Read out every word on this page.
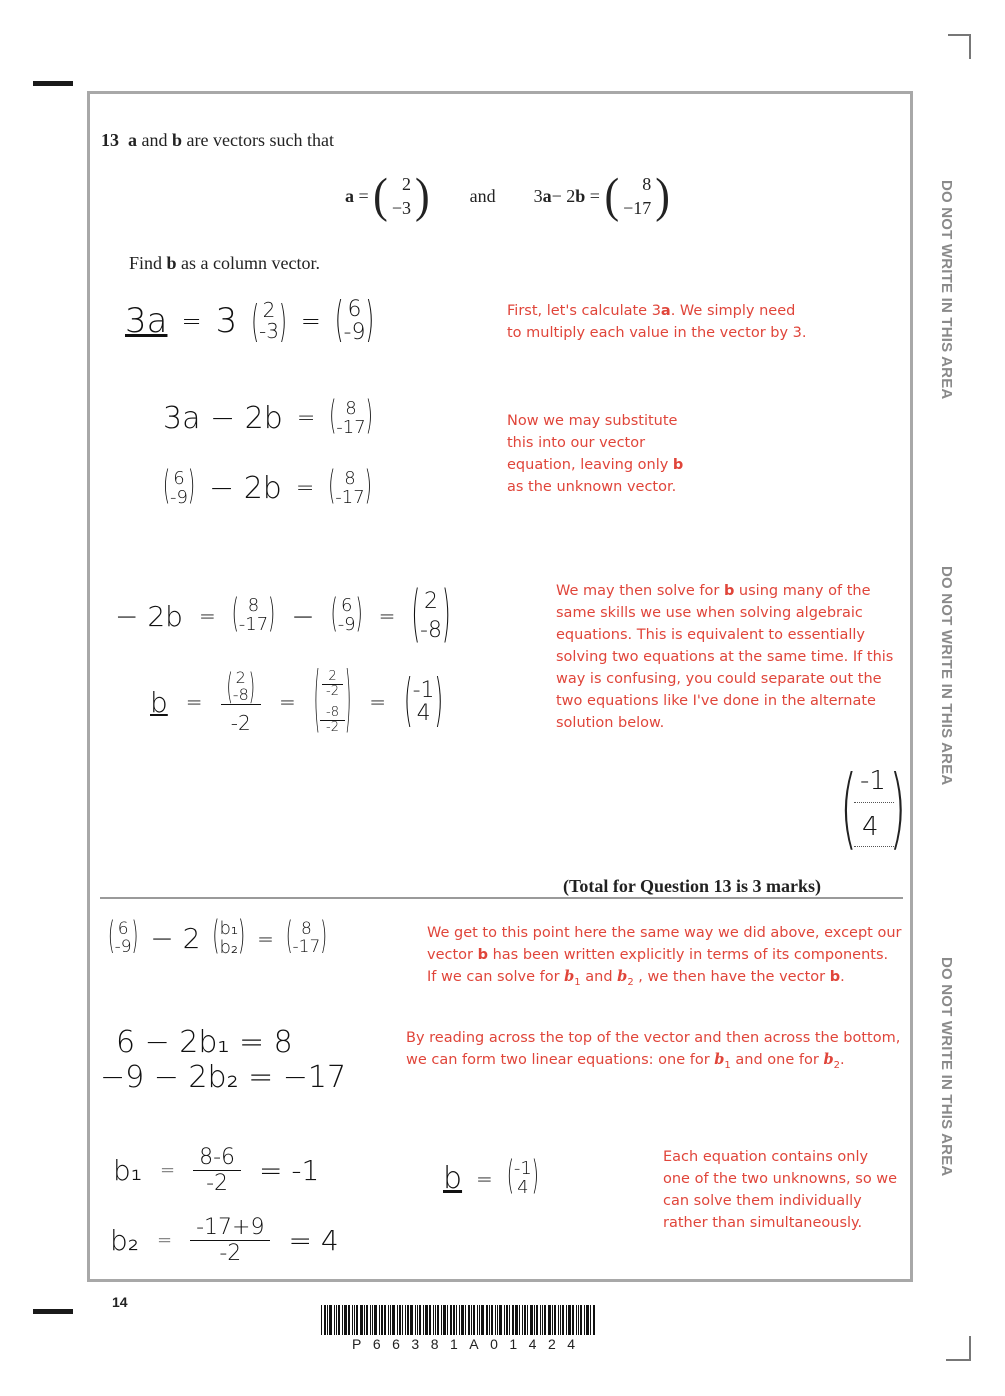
DO NOT WRITE IN THIS AREA
DO NOT WRITE IN THIS AREA
DO NOT WRITE IN THIS AREA
13 a and b are vectors such that
a
=
( 2
−3 ) and 3 a − 2 b
=
( 8
−17 )
Find b as a column vector.
3a = 3 ( 2
-3 ) = ( 6
-9 )
3a − 2b = ( 8
-17 )
( 6
-9 ) − 2b = ( 8
-17 )
− 2b = ( 8
-17 ) − ( 6
-9 ) = ( 2
-8 )
b = ( 2
-8 )
-2 = ( $\frac{2}{-2}$
$\frac{-8}{-2}$ ) = ( -1
4 )
First, let's calculate 3a. We simply need to multiply each value in the vector by 3.
Now we may substitute this into our vector equation, leaving only b as the unknown vector.
We may then solve for b using many of the same skills we use when solving algebraic equations. This is equivalent to essentially solving two equations at the same time. If this way is confusing, you could separate out the two equations like I've done in the alternate solution below.
( )
-1
4
(Total for Question 13 is 3 marks)
( 6
-9 ) − 2 ( b₁
b₂ ) = ( 8
-17 )
6 − 2b₁ = 8
−9 − 2b₂ = −17
$b_1 = \frac{8-6}{-2} = -1$
$b_2 = \frac{-17+9}{-2} = 4$
b = ( -1
4 )
We get to this point here the same way we did above, except our vector b has been written explicitly in terms of its components. If we can solve for $b_1$ and $b_2$ , we then have the vector b.
By reading across the top of the vector and then across the bottom, we can form two linear equations: one for $b_1$ and one for $b_2$.
Each equation contains only one of the two unknowns, so we can solve them individually rather than simultaneously.
14
P66381A01424
